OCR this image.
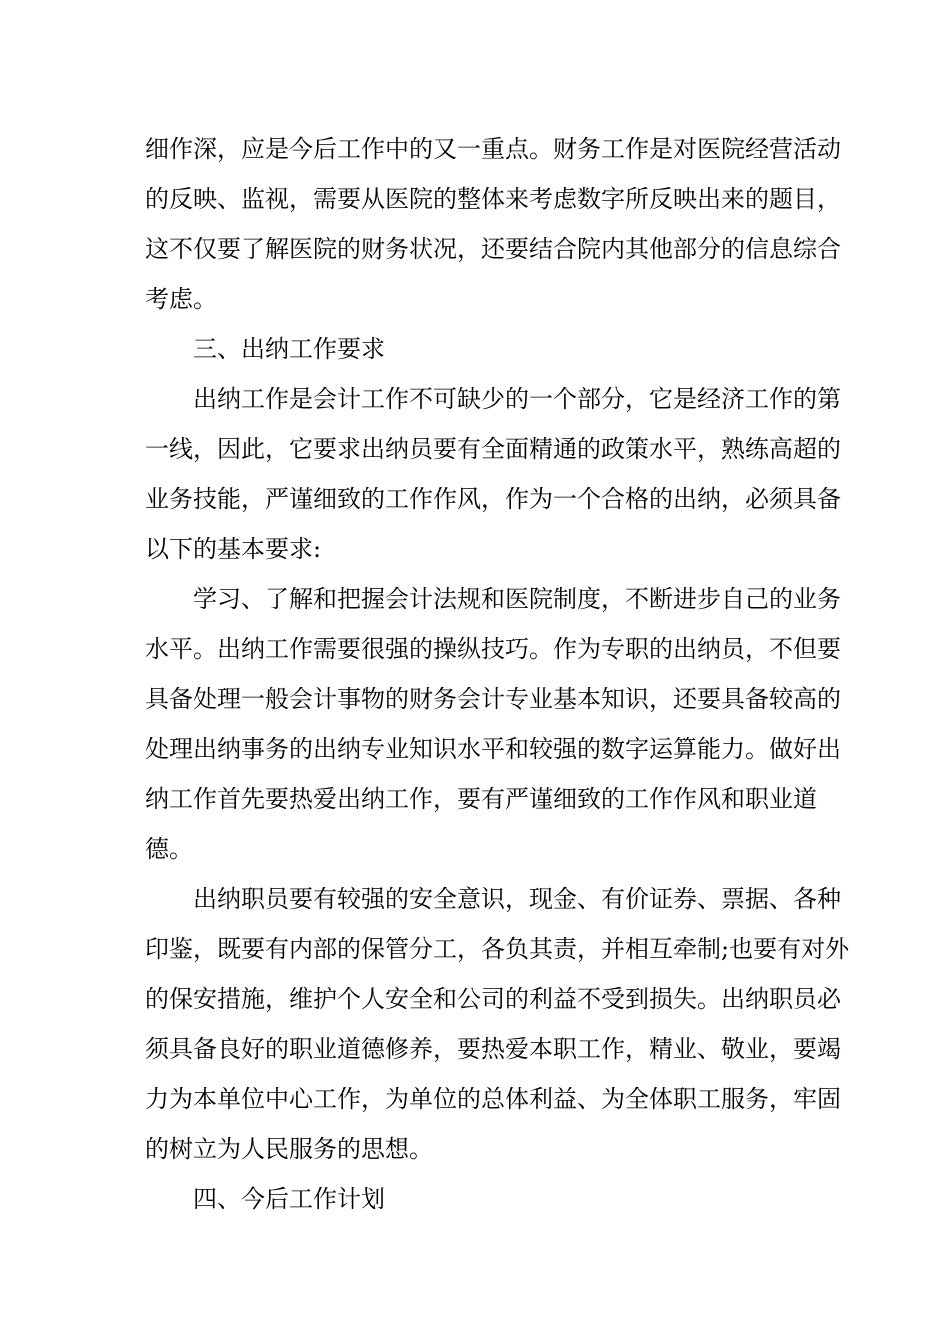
细作深，应是今后工作中的又一重点。财务工作是对医院经营活动
的反映、监视，需要从医院的整体来考虑数字所反映出来的题目，
这不仅要了解医院的财务状况，还要结合院内其他部分的信息综合
考虑。
三、出纳工作要求
出纳工作是会计工作不可缺少的一个部分，它是经济工作的第
一线，因此，它要求出纳员要有全面精通的政策水平，熟练高超的
业务技能，严谨细致的工作作风，作为一个合格的出纳，必须具备
以下的基本要求:
学习、了解和把握会计法规和医院制度，不断进步自己的业务
水平。出纳工作需要很强的操纵技巧。作为专职的出纳员，不但要
具备处理一般会计事物的财务会计专业基本知识，还要具备较高的
处理出纳事务的出纳专业知识水平和较强的数字运算能力。做好出
纳工作首先要热爱出纳工作，要有严谨细致的工作作风和职业道
德。
出纳职员要有较强的安全意识，现金、有价证券、票据、各种
印鉴，既要有内部的保管分工，各负其责，并相互牵制;也要有对外
的保安措施，维护个人安全和公司的利益不受到损失。出纳职员必
须具备良好的职业道德修养，要热爱本职工作，精业、敬业，要竭
力为本单位中心工作，为单位的总体利益、为全体职工服务，牢固
的树立为人民服务的思想。
四、今后工作计划
